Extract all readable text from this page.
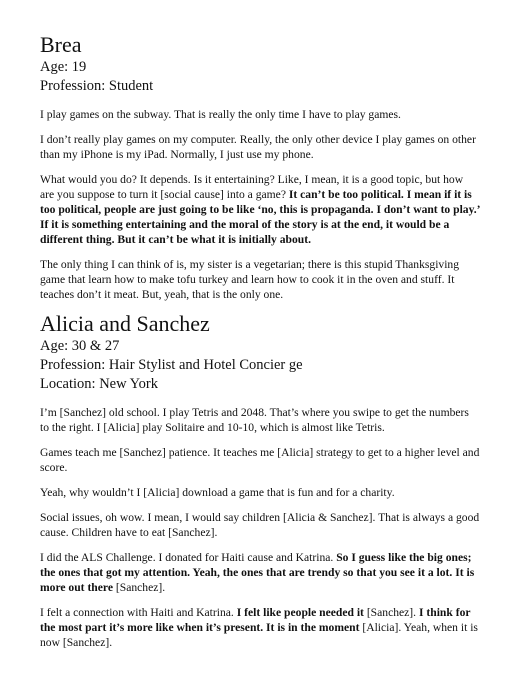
Brea
Age: 19
Profession: Student

I play games on the subway. That is really the only time I have to play games.

I don’t really play games on my computer. Really, the only other device I play games on other than my iPhone is my iPad. Normally, I just use my phone.

What would you do? It depends. Is it entertaining? Like, I mean, it is a good topic, but how are you suppose to turn it [social cause] into a game? It can’t be too political. I mean if it is too political, people are just going to be like ‘no, this is propaganda. I don’t want to play.’ If it is something entertaining and the moral of the story is at the end, it would be a different thing. But it can’t be what it is initially about.

The only thing I can think of is, my sister is a vegetarian; there is this stupid Thanksgiving game that learn how to make tofu turkey and learn how to cook it in the oven and stuff. It teaches don’t it meat. But, yeah, that is the only one.

Alicia and Sanchez
Age: 30 & 27
Profession: Hair Stylist and Hotel Concier ge
Location: New York

I’m [Sanchez] old school. I play Tetris and 2048. That’s where you swipe to get the numbers to the right. I [Alicia] play Solitaire and 10-10, which is almost like Tetris.

Games teach me [Sanchez] patience. It teaches me [Alicia] strategy to get to a higher level and score.

Yeah, why wouldn’t I [Alicia] download a game that is fun and for a charity.

Social issues, oh wow. I mean, I would say children [Alicia & Sanchez]. That is always a good cause. Children have to eat [Sanchez].

I did the ALS Challenge. I donated for Haiti cause and Katrina. So I guess like the big ones; the ones that got my attention. Yeah, the ones that are trendy so that you see it a lot. It is more out there [Sanchez].

I felt a connection with Haiti and Katrina. I felt like people needed it [Sanchez]. I think for the most part it’s more like when it’s present. It is in the moment [Alicia]. Yeah, when it is now [Sanchez].
